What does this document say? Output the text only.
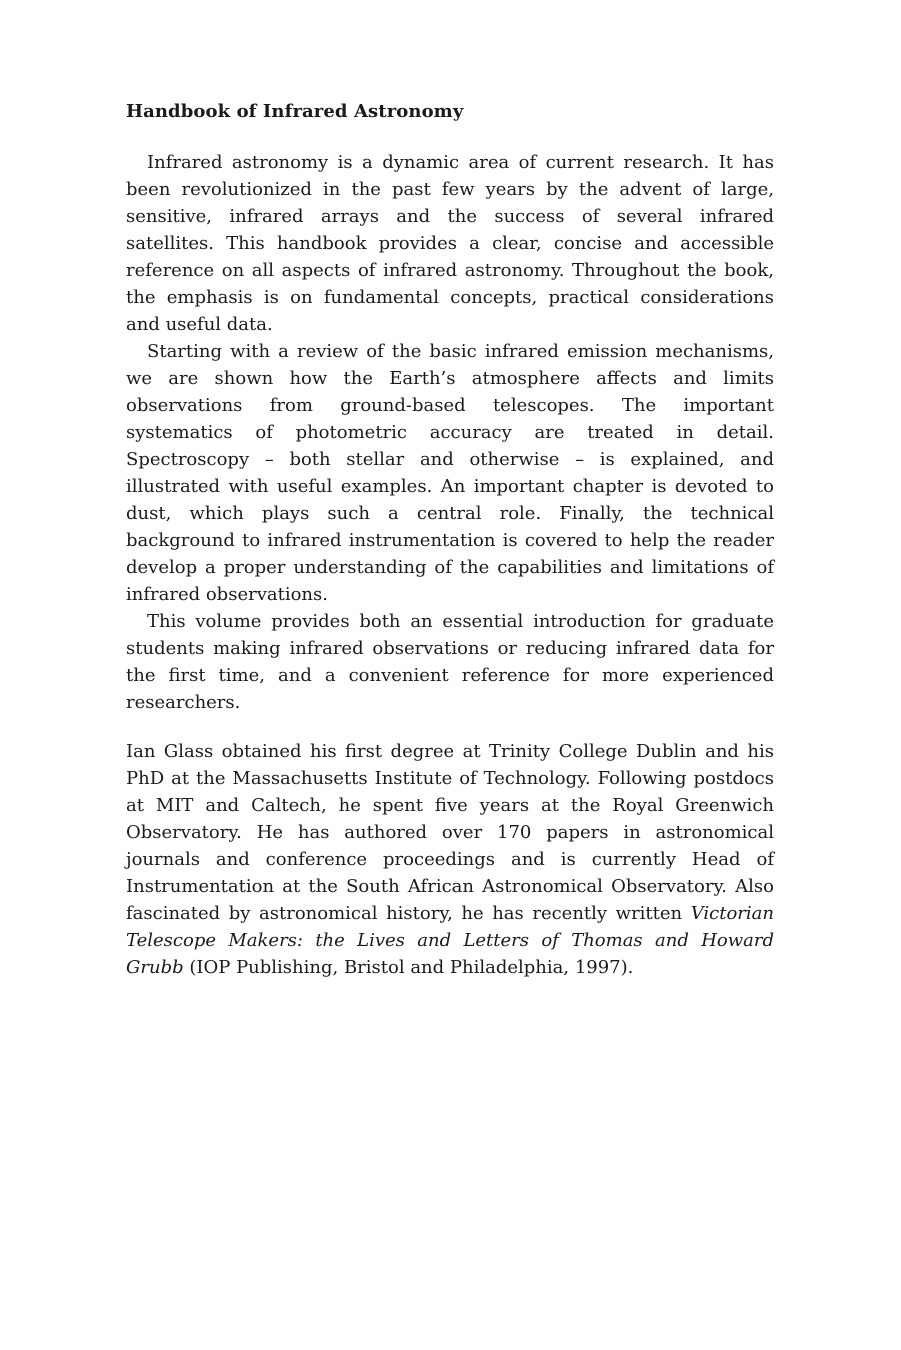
Handbook of Infrared Astronomy

Infrared astronomy is a dynamic area of current research. It has been revolutionized in the past few years by the advent of large, sensitive, infrared arrays and the success of several infrared satellites. This handbook provides a clear, concise and accessible reference on all aspects of infrared astronomy. Throughout the book, the emphasis is on fundamental concepts, practical considerations and useful data.

Starting with a review of the basic infrared emission mechanisms, we are shown how the Earth’s atmosphere affects and limits observations from ground-based telescopes. The important systematics of photometric accuracy are treated in detail. Spectroscopy – both stellar and otherwise – is explained, and illustrated with useful examples. An important chapter is devoted to dust, which plays such a central role. Finally, the technical background to infrared instrumentation is covered to help the reader develop a proper understanding of the capabilities and limitations of infrared observations.

This volume provides both an essential introduction for graduate students making infrared observations or reducing infrared data for the first time, and a convenient reference for more experienced researchers.

Ian Glass obtained his first degree at Trinity College Dublin and his PhD at the Massachusetts Institute of Technology. Following postdocs at MIT and Caltech, he spent five years at the Royal Greenwich Observatory. He has authored over 170 papers in astronomical journals and conference proceedings and is currently Head of Instrumentation at the South African Astronomical Observatory. Also fascinated by astronomical history, he has recently written Victorian Telescope Makers: the Lives and Letters of Thomas and Howard Grubb (IOP Publishing, Bristol and Philadelphia, 1997).
